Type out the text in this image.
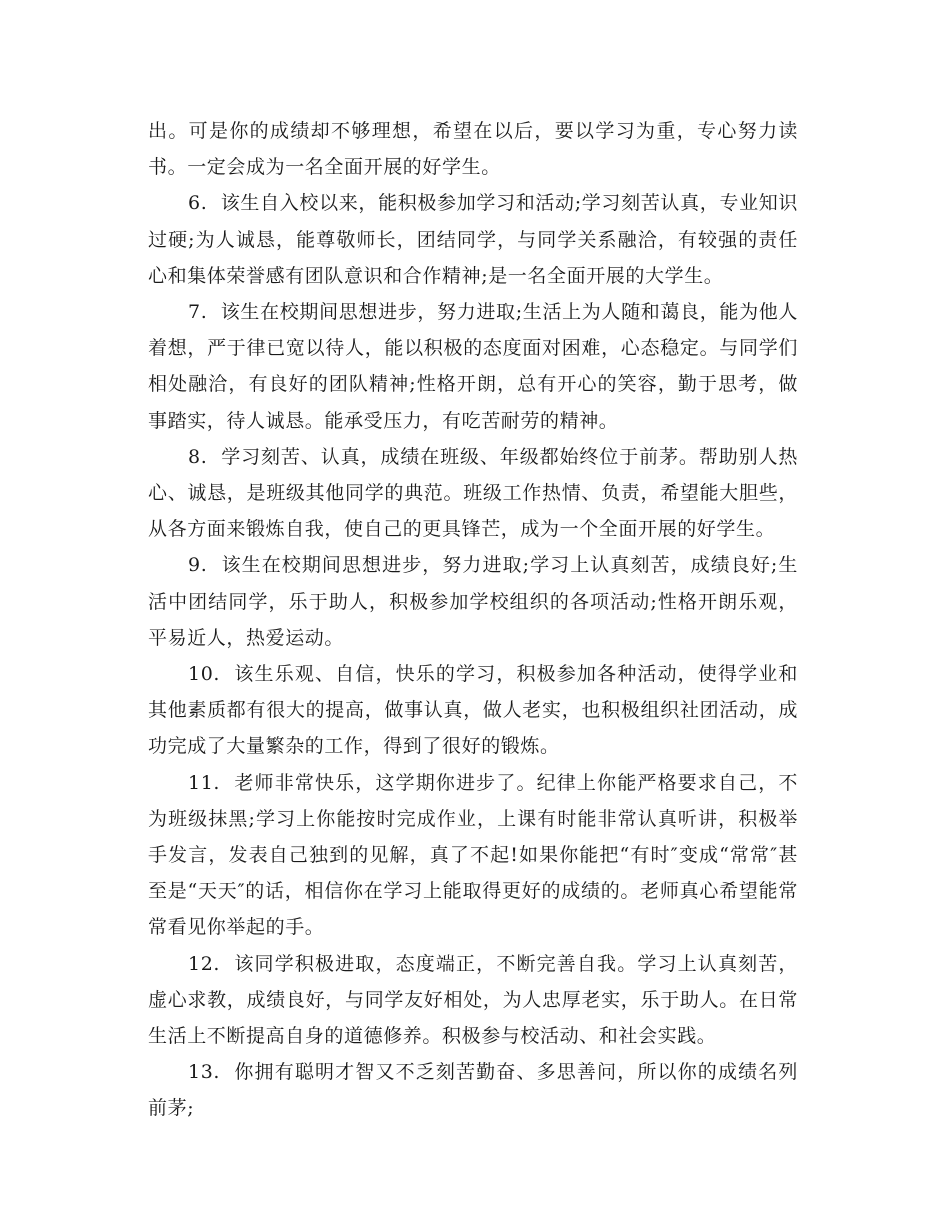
出。可是你的成绩却不够理想，希望在以后，要以学习为重，专心努力读书。一定会成为一名全面开展的好学生。

6. 该生自入校以来，能积极参加学习和活动;学习刻苦认真，专业知识过硬;为人诚恳，能尊敬师长，团结同学，与同学关系融洽，有较强的责任心和集体荣誉感有团队意识和合作精神;是一名全面开展的大学生。

7. 该生在校期间思想进步，努力进取;生活上为人随和蔼良，能为他人着想，严于律已宽以待人，能以积极的态度面对困难，心态稳定。与同学们相处融洽，有良好的团队精神;性格开朗，总有开心的笑容，勤于思考，做事踏实，待人诚恳。能承受压力，有吃苦耐劳的精神。

8. 学习刻苦、认真，成绩在班级、年级都始终位于前茅。帮助别人热心、诚恳，是班级其他同学的典范。班级工作热情、负责，希望能大胆些，从各方面来锻炼自我，使自己的更具锋芒，成为一个全面开展的好学生。

9. 该生在校期间思想进步，努力进取;学习上认真刻苦，成绩良好;生活中团结同学，乐于助人，积极参加学校组织的各项活动;性格开朗乐观，平易近人，热爱运动。

10. 该生乐观、自信，快乐的学习，积极参加各种活动，使得学业和其他素质都有很大的提高，做事认真，做人老实，也积极组织社团活动，成功完成了大量繁杂的工作，得到了很好的锻炼。

11. 老师非常快乐，这学期你进步了。纪律上你能严格要求自己，不为班级抹黑;学习上你能按时完成作业，上课有时能非常认真听讲，积极举手发言，发表自己独到的见解，真了不起!如果你能把“有时″变成“常常″甚至是“天天″的话，相信你在学习上能取得更好的成绩的。老师真心希望能常常看见你举起的手。

12. 该同学积极进取，态度端正，不断完善自我。学习上认真刻苦，虚心求教，成绩良好，与同学友好相处，为人忠厚老实，乐于助人。在日常生活上不断提高自身的道德修养。积极参与校活动、和社会实践。

13. 你拥有聪明才智又不乏刻苦勤奋、多思善问，所以你的成绩名列前茅;
